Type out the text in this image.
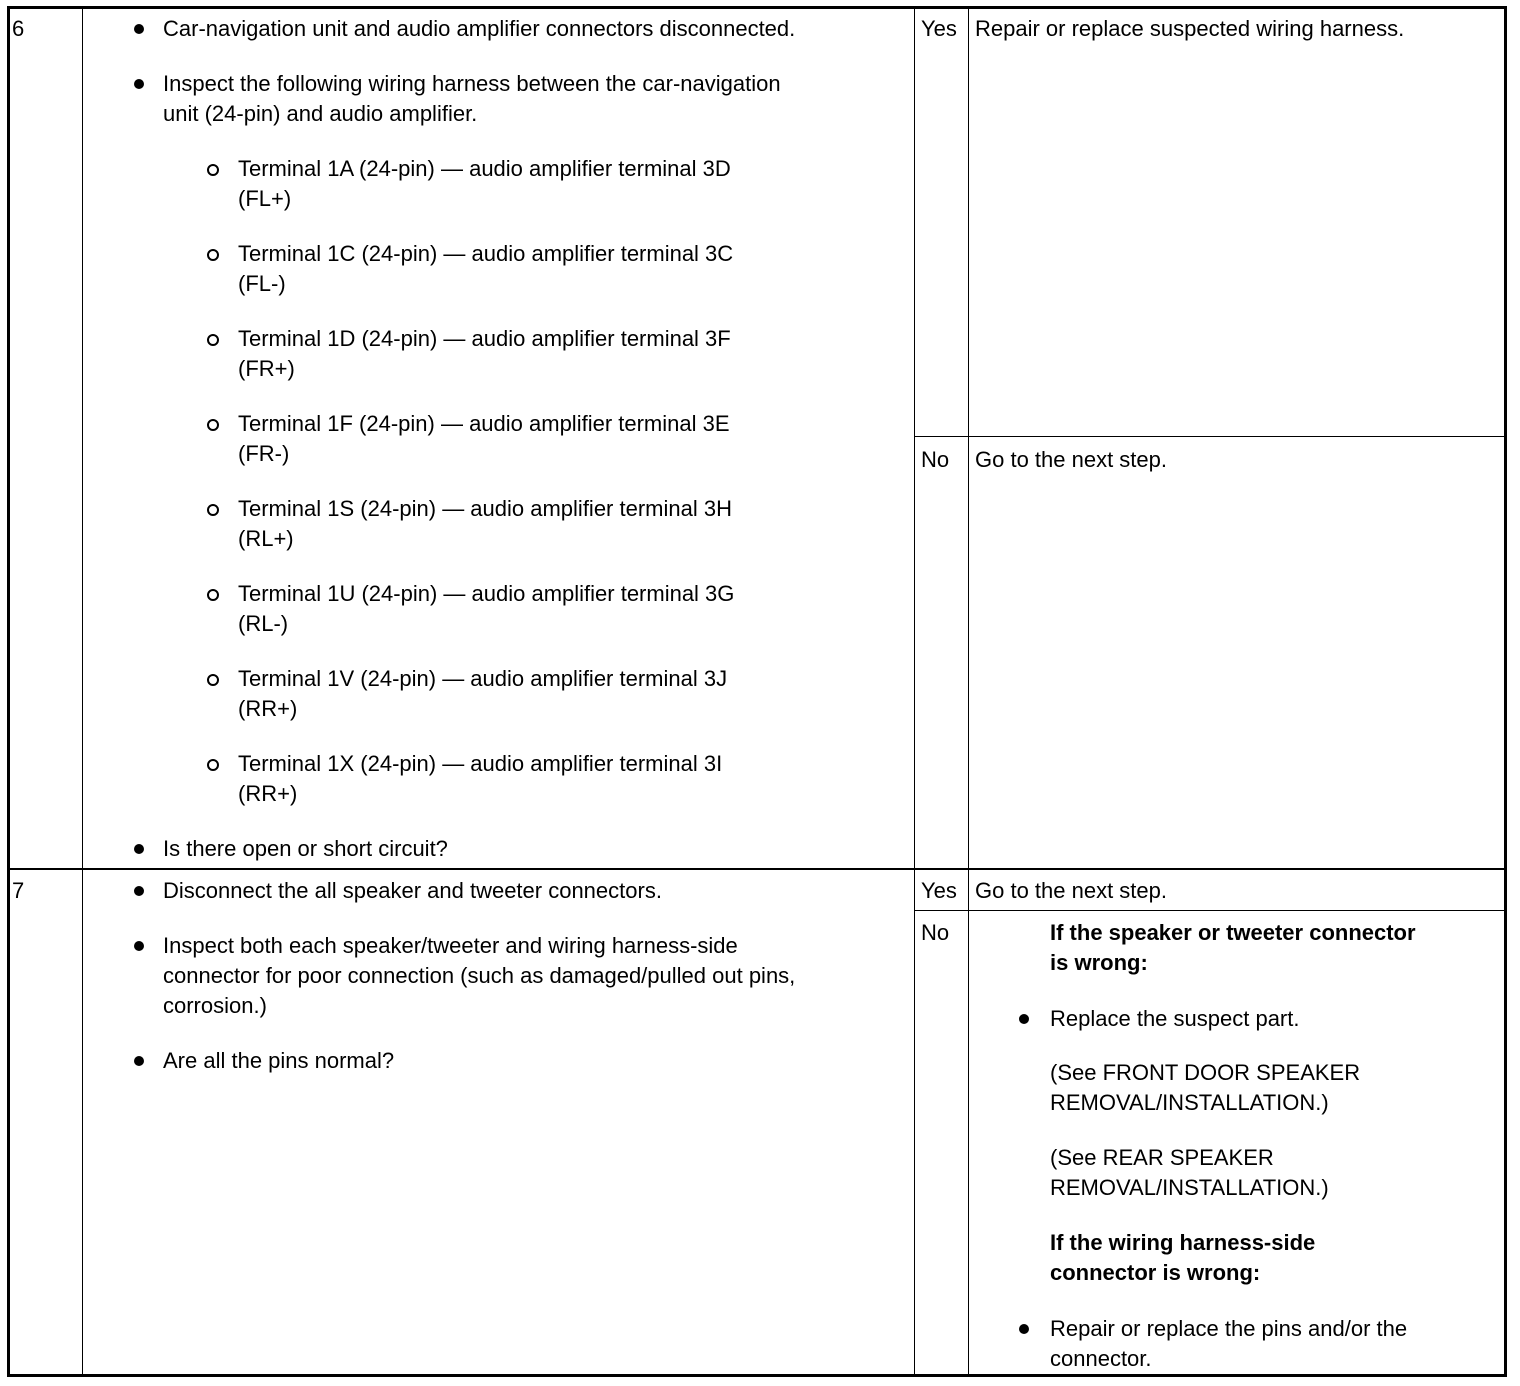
6	Car-navigation unit and audio amplifier connectors disconnected.
Inspect the following wiring harness between the car-navigation
unit (24-pin) and audio amplifier.
Terminal 1A (24-pin) — audio amplifier terminal 3D
(FL+)
Terminal 1C (24-pin) — audio amplifier terminal 3C
(FL-)
Terminal 1D (24-pin) — audio amplifier terminal 3F
(FR+)
Terminal 1F (24-pin) — audio amplifier terminal 3E
(FR-)
Terminal 1S (24-pin) — audio amplifier terminal 3H
(RL+)
Terminal 1U (24-pin) — audio amplifier terminal 3G
(RL-)
Terminal 1V (24-pin) — audio amplifier terminal 3J
(RR+)
Terminal 1X (24-pin) — audio amplifier terminal 3I
(RR+)
Is there open or short circuit?
Yes Repair or replace suspected wiring harness.
No Go to the next step.
7	Disconnect the all speaker and tweeter connectors.
Inspect both each speaker/tweeter and wiring harness-side
connector for poor connection (such as damaged/pulled out pins,
corrosion.)
Are all the pins normal?
Yes Go to the next step.
No	If the speaker or tweeter connector
is wrong:
Replace the suspect part.
(See FRONT DOOR SPEAKER
REMOVAL/INSTALLATION.)
(See REAR SPEAKER
REMOVAL/INSTALLATION.)
If the wiring harness-side
connector is wrong:
Repair or replace the pins and/or the
connector.
